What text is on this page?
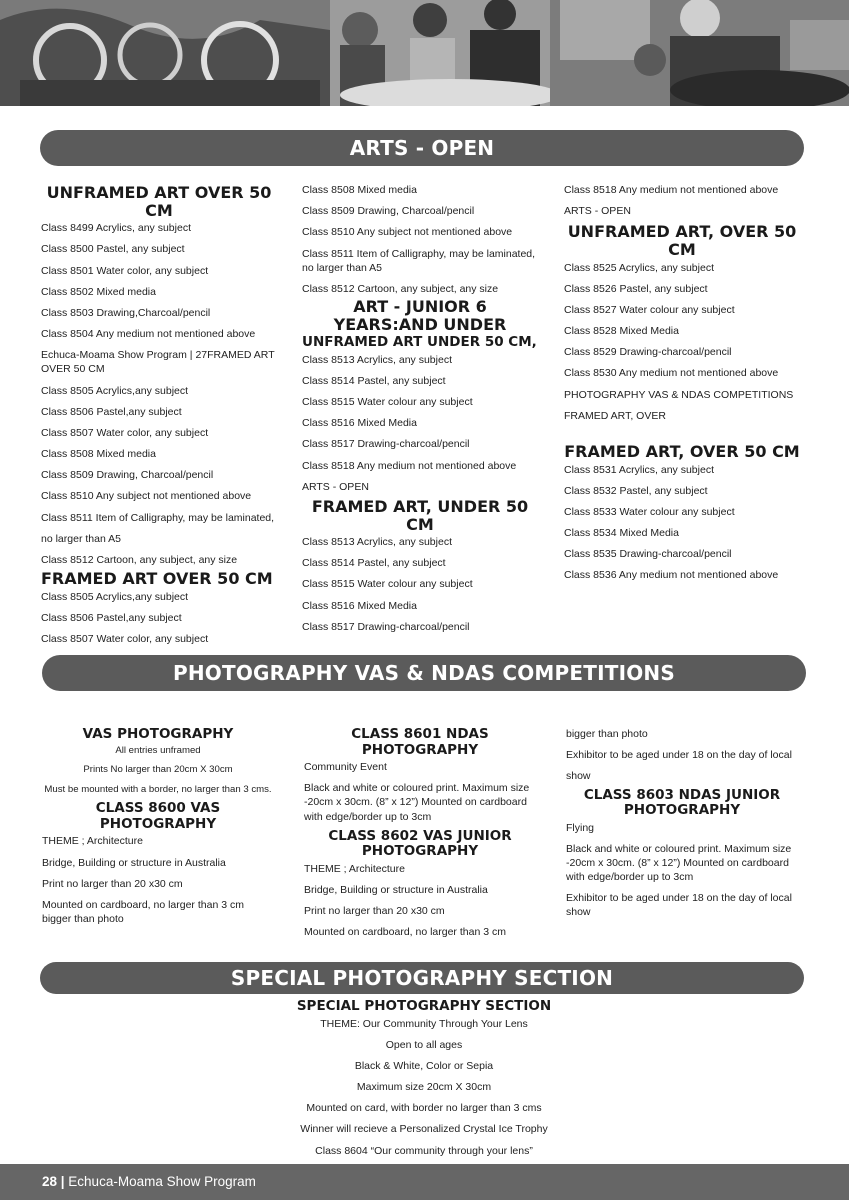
ARTS - OPEN
UNFRAMED ART OVER 50 CM

Class 8499 Acrylics, any subject

Class 8500 Pastel, any subject

Class 8501 Water color, any subject

Class 8502 Mixed media

Class 8503 Drawing,Charcoal/pencil

Class 8504 Any medium not mentioned above

Echuca-Moama Show Program | 27FRAMED ART OVER 50 CM

Class 8505 Acrylics,any subject

Class 8506 Pastel,any subject

Class 8507 Water color, any subject

Class 8508 Mixed media

Class 8509 Drawing, Charcoal/pencil

Class 8510 Any subject not mentioned above

Class 8511 Item of Calligraphy, may be laminated,

no larger than A5

Class 8512 Cartoon, any subject, any size

FRAMED ART OVER 50 CM

Class 8505 Acrylics,any subject

Class 8506 Pastel,any subject

Class 8507 Water color, any subject

Class 8508 Mixed media

Class 8509 Drawing, Charcoal/pencil

Class 8510 Any subject not mentioned above

Class 8511 Item of Calligraphy, may be laminated, no larger than A5

Class 8512 Cartoon, any subject, any size

ART - JUNIOR 6 YEARS:AND UNDER
UNFRAMED ART UNDER 50 CM,

Class 8513 Acrylics, any subject

Class 8514 Pastel, any subject

Class 8515 Water colour any subject

Class 8516 Mixed Media

Class 8517 Drawing-charcoal/pencil

Class 8518 Any medium not mentioned above

ARTS - OPEN

FRAMED ART, UNDER 50 CM

Class 8513 Acrylics, any subject

Class 8514 Pastel, any subject

Class 8515 Water colour any subject

Class 8516 Mixed Media

Class 8517 Drawing-charcoal/pencil

Class 8518 Any medium not mentioned above

ARTS - OPEN

UNFRAMED ART, OVER 50 CM

Class 8525 Acrylics, any subject

Class 8526 Pastel, any subject

Class 8527 Water colour any subject

Class 8528 Mixed Media

Class 8529 Drawing-charcoal/pencil

Class 8530 Any medium not mentioned above

PHOTOGRAPHY VAS & NDAS COMPETITIONS

FRAMED ART, OVER

FRAMED ART, OVER 50 CM

Class 8531 Acrylics, any subject

Class 8532 Pastel, any subject

Class 8533 Water colour any subject

Class 8534 Mixed Media

Class 8535 Drawing-charcoal/pencil

Class 8536 Any medium not mentioned above

PHOTOGRAPHY VAS & NDAS COMPETITIONS
VAS PHOTOGRAPHY

All entries unframed

Prints No larger than 20cm X 30cm

Must be mounted with a border, no larger than 3 cms.

CLASS 8600 VAS PHOTOGRAPHY

THEME ; Architecture

Bridge, Building or structure in Australia

Print no larger than 20 x30 cm

Mounted on cardboard, no larger than 3 cm bigger than photo

CLASS 8601 NDAS PHOTOGRAPHY

Community Event

Black and white or coloured print. Maximum size -20cm x 30cm. (8” x 12”) Mounted on cardboard with edge/border up to 3cm

CLASS 8602 VAS JUNIOR PHOTOGRAPHY

THEME ; Architecture

Bridge, Building or structure in Australia

Print no larger than 20 x30 cm

Mounted on cardboard, no larger than 3 cm

bigger than photo

Exhibitor to be aged under 18 on the day of local

show

CLASS 8603 NDAS JUNIOR PHOTOGRAPHY

Flying

Black and white or coloured print. Maximum size -20cm x 30cm. (8” x 12”) Mounted on cardboard with edge/border up to 3cm

Exhibitor to be aged under 18 on the day of local show

SPECIAL PHOTOGRAPHY SECTION
SPECIAL PHOTOGRAPHY SECTION

THEME: Our Community Through Your Lens

Open to all ages

Black & White, Color or Sepia

Maximum size 20cm X 30cm

Mounted on card, with border no larger than 3 cms

Winner will recieve a Personalized Crystal Ice Trophy

Class 8604 “Our community through your lens”

28 | Echuca-Moama Show Program
